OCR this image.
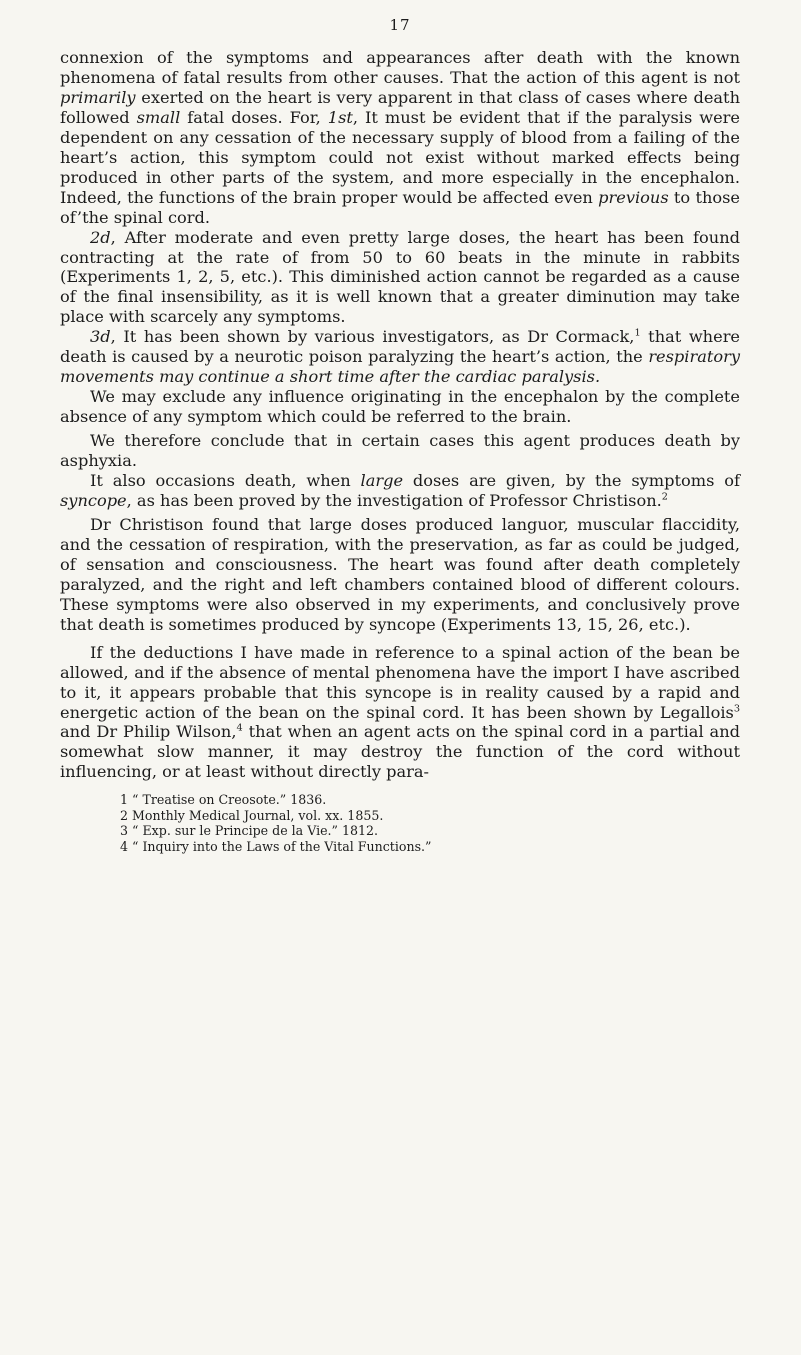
17

connexion of the symptoms and appearances after death with the known phenomena of fatal results from other causes. That the action of this agent is not primarily exerted on the heart is very apparent in that class of cases where death followed small fatal doses. For, 1st, It must be evident that if the paralysis were dependent on any cessation of the necessary supply of blood from a failing of the heart’s action, this symptom could not exist without marked effects being produced in other parts of the system, and more especially in the encephalon. Indeed, the functions of the brain proper would be affected even previous to those of’the spinal cord.

2d, After moderate and even pretty large doses, the heart has been found contracting at the rate of from 50 to 60 beats in the minute in rabbits (Experiments 1, 2, 5, etc.). This diminished action cannot be regarded as a cause of the final insensibility, as it is well known that a greater diminution may take place with scarcely any symptoms.

3d, It has been shown by various investigators, as Dr Cormack,$^1$ that where death is caused by a neurotic poison paralyzing the heart’s action, the respiratory movements may continue a short time after the cardiac paralysis.

We may exclude any influence originating in the encephalon by the complete absence of any symptom which could be referred to the brain.

We therefore conclude that in certain cases this agent produces death by asphyxia.

It also occasions death, when large doses are given, by the symptoms of syncope, as has been proved by the investigation of Professor Christison.$^2$

Dr Christison found that large doses produced languor, muscular flaccidity, and the cessation of respiration, with the preservation, as far as could be judged, of sensation and consciousness. The heart was found after death completely paralyzed, and the right and left chambers contained blood of different colours. These symptoms were also observed in my experiments, and conclusively prove that death is sometimes produced by syncope (Experiments 13, 15, 26, etc.).

If the deductions I have made in reference to a spinal action of the bean be allowed, and if the absence of mental phenomena have the import I have ascribed to it, it appears probable that this syncope is in reality caused by a rapid and energetic action of the bean on the spinal cord. It has been shown by Legallois$^3$ and Dr Philip Wilson,$^4$ that when an agent acts on the spinal cord in a partial and somewhat slow manner, it may destroy the function of the cord without influencing, or at least without directly para-

1 “ Treatise on Creosote.” 1836.
2 Monthly Medical Journal, vol. xx. 1855.
3 “ Exp. sur le Principe de la Vie.” 1812.
4 “ Inquiry into the Laws of the Vital Functions.”
